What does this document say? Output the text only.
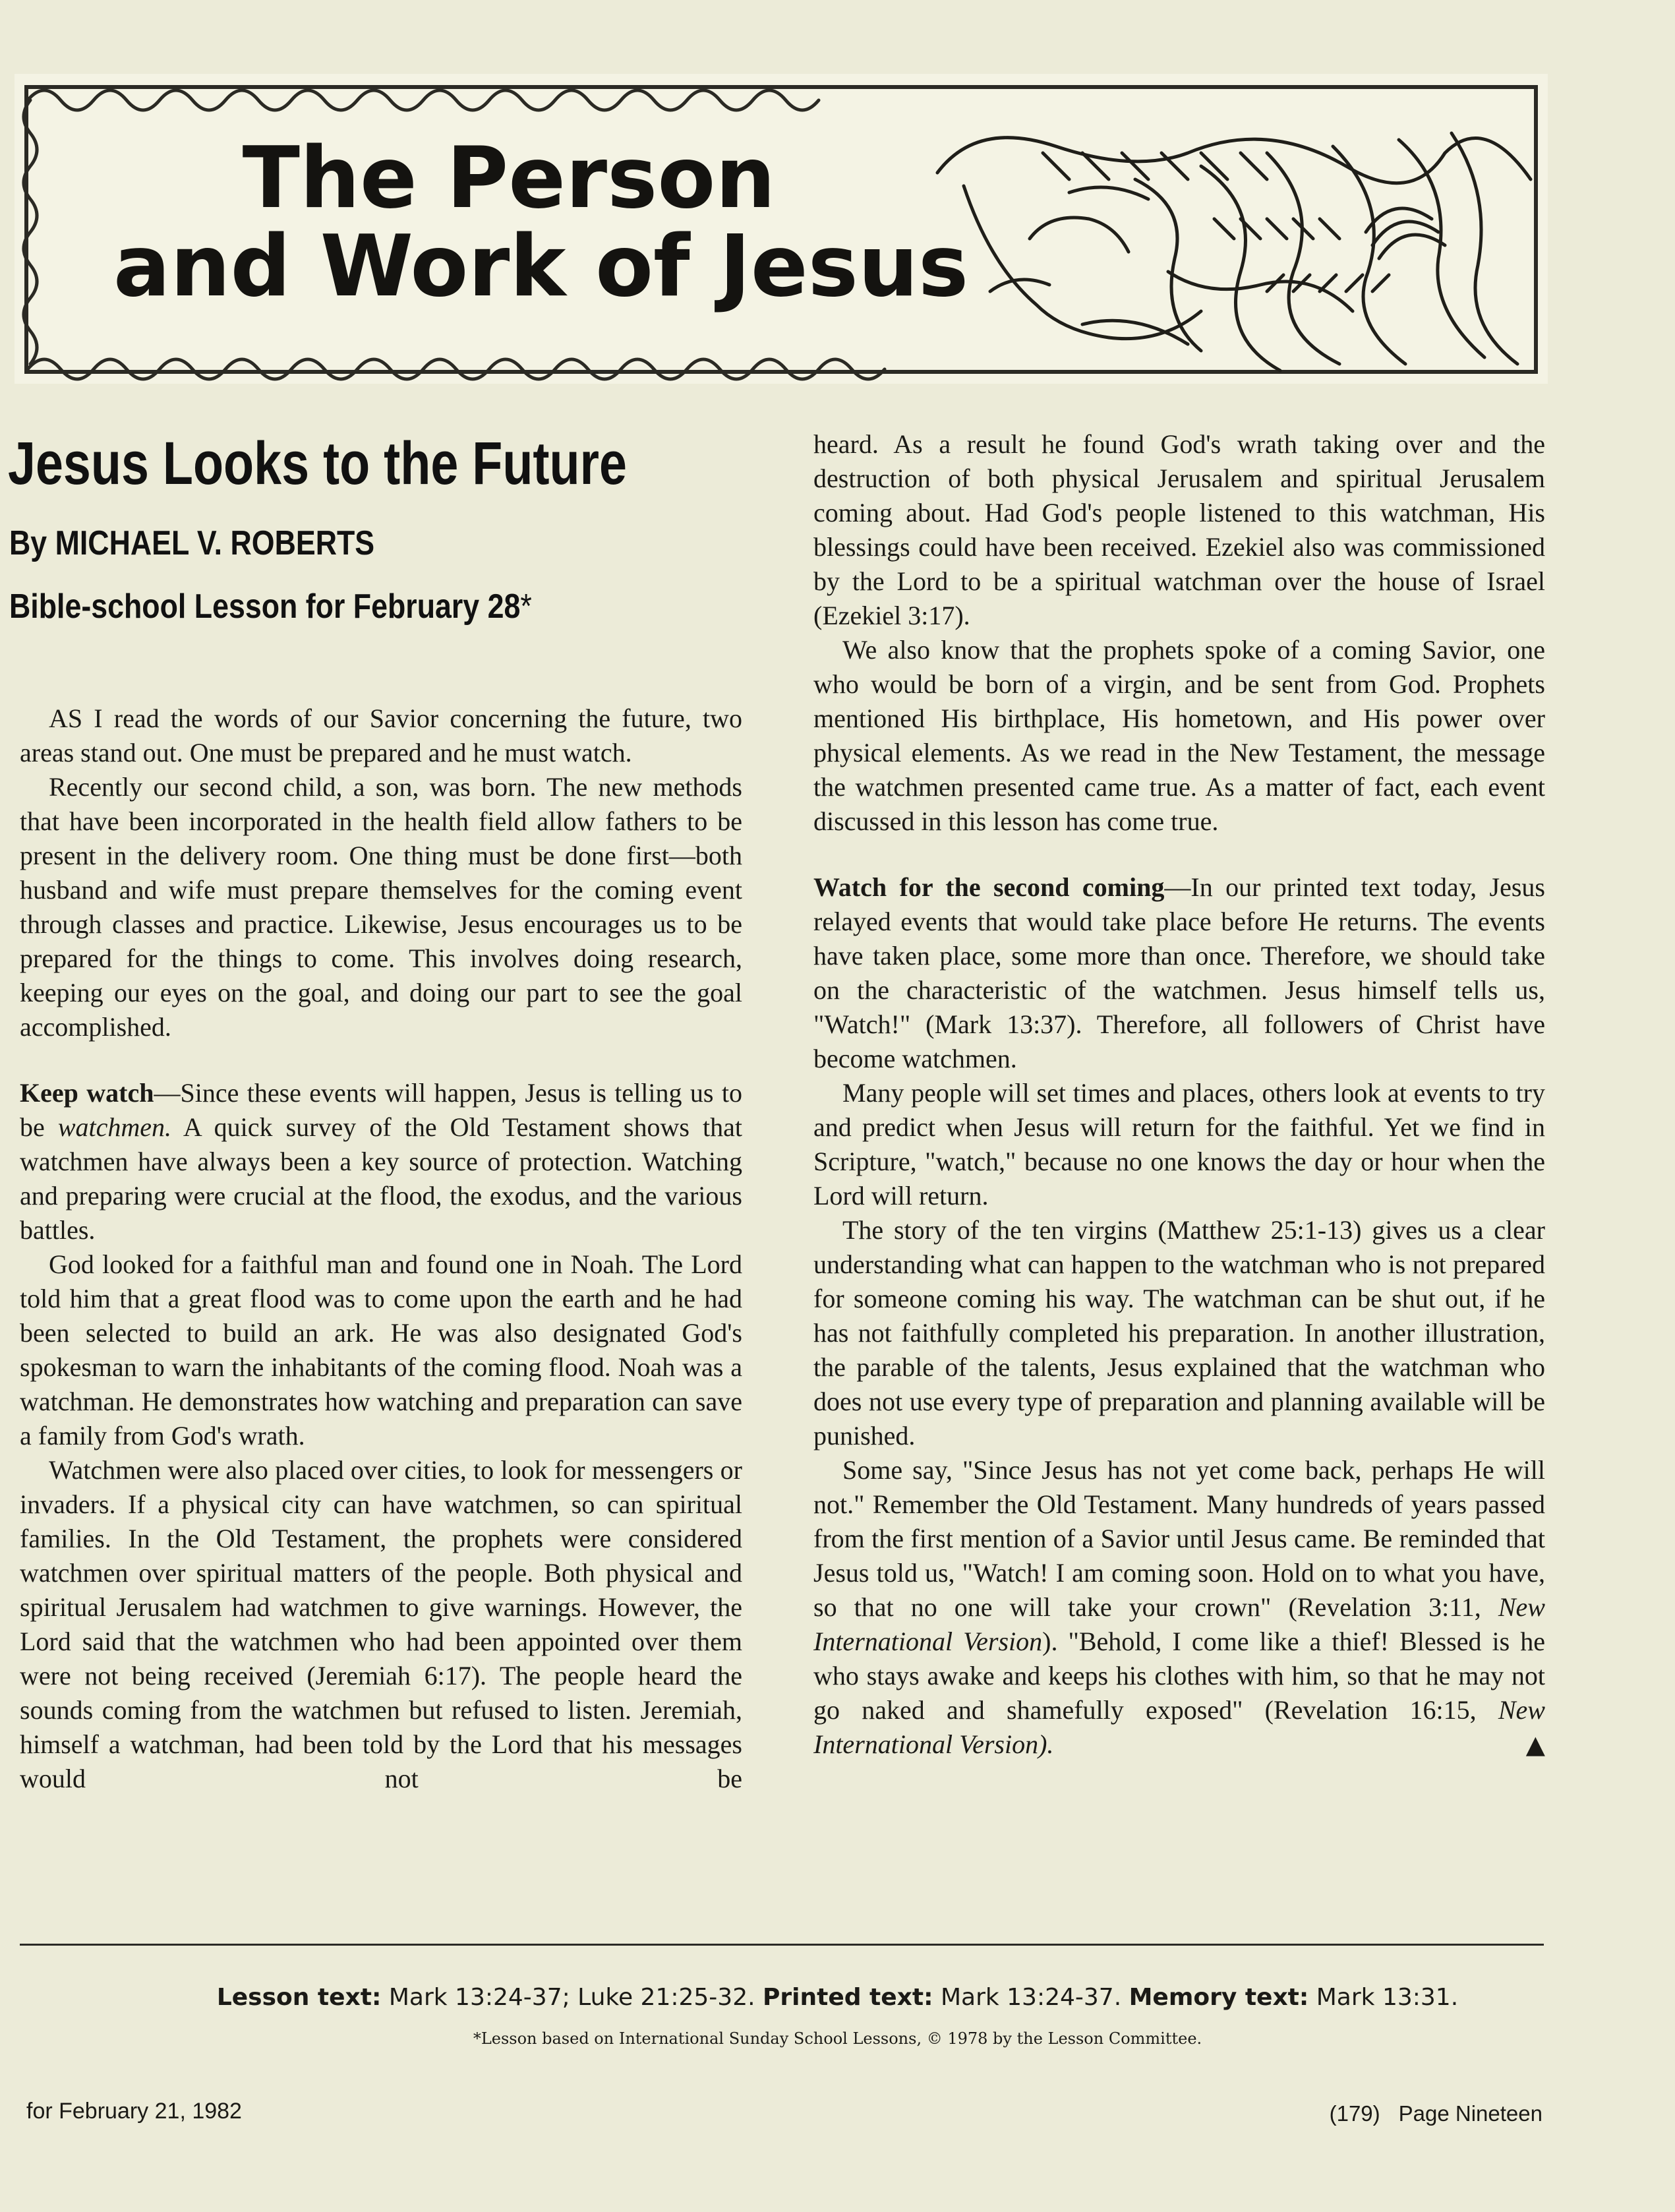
The Person
and Work of Jesus
Jesus Looks to the Future
By MICHAEL V. ROBERTS
Bible-school Lesson for February 28*

AS I read the words of our Savior concerning the future, two areas stand out. One must be prepared and he must watch.

Recently our second child, a son, was born. The new methods that have been incorporated in the health field allow fathers to be present in the delivery room. One thing must be done first—both husband and wife must prepare themselves for the coming event through classes and practice. Likewise, Jesus encourages us to be prepared for the things to come. This involves doing research, keeping our eyes on the goal, and doing our part to see the goal accomplished.

Keep watch—Since these events will happen, Jesus is telling us to be watchmen. A quick survey of the Old Testament shows that watchmen have always been a key source of protection. Watching and preparing were crucial at the flood, the exodus, and the various battles.

God looked for a faithful man and found one in Noah. The Lord told him that a great flood was to come upon the earth and he had been selected to build an ark. He was also designated God's spokesman to warn the inhabitants of the coming flood. Noah was a watchman. He demonstrates how watching and preparation can save a family from God's wrath.

Watchmen were also placed over cities, to look for messengers or invaders. If a physical city can have watchmen, so can spiritual families. In the Old Testament, the prophets were considered watchmen over spiritual matters of the people. Both physical and spiritual Jerusalem had watchmen to give warnings. However, the Lord said that the watchmen who had been appointed over them were not being received (Jeremiah 6:17). The people heard the sounds coming from the watchmen but refused to listen. Jeremiah, himself a watchman, had been told by the Lord that his messages would not be

heard. As a result he found God's wrath taking over and the destruction of both physical Jerusalem and spiritual Jerusalem coming about. Had God's people listened to this watchman, His blessings could have been received. Ezekiel also was commissioned by the Lord to be a spiritual watchman over the house of Israel (Ezekiel 3:17).

We also know that the prophets spoke of a coming Savior, one who would be born of a virgin, and be sent from God. Prophets mentioned His birthplace, His hometown, and His power over physical elements. As we read in the New Testament, the message the watchmen presented came true. As a matter of fact, each event discussed in this lesson has come true.

Watch for the second coming—In our printed text today, Jesus relayed events that would take place before He returns. The events have taken place, some more than once. Therefore, we should take on the characteristic of the watchmen. Jesus himself tells us, "Watch!" (Mark 13:37). Therefore, all followers of Christ have become watchmen.

Many people will set times and places, others look at events to try and predict when Jesus will return for the faithful. Yet we find in Scripture, "watch," because no one knows the day or hour when the Lord will return.

The story of the ten virgins (Matthew 25:1-13) gives us a clear understanding what can happen to the watchman who is not prepared for someone coming his way. The watchman can be shut out, if he has not faithfully completed his preparation. In another illustration, the parable of the talents, Jesus explained that the watchman who does not use every type of preparation and planning available will be punished.

Some say, "Since Jesus has not yet come back, perhaps He will not." Remember the Old Testament. Many hundreds of years passed from the first mention of a Savior until Jesus came. Be reminded that Jesus told us, "Watch! I am coming soon. Hold on to what you have, so that no one will take your crown" (Revelation 3:11, New International Version). "Behold, I come like a thief! Blessed is he who stays awake and keeps his clothes with him, so that he may not go naked and shamefully exposed" (Revelation 16:15, New International Version).	▲

Lesson text: Mark 13:24-37; Luke 21:25-32. Printed text: Mark 13:24-37. Memory text: Mark 13:31.
*Lesson based on International Sunday School Lessons, © 1978 by the Lesson Committee.
for February 21, 1982	(179) Page Nineteen
